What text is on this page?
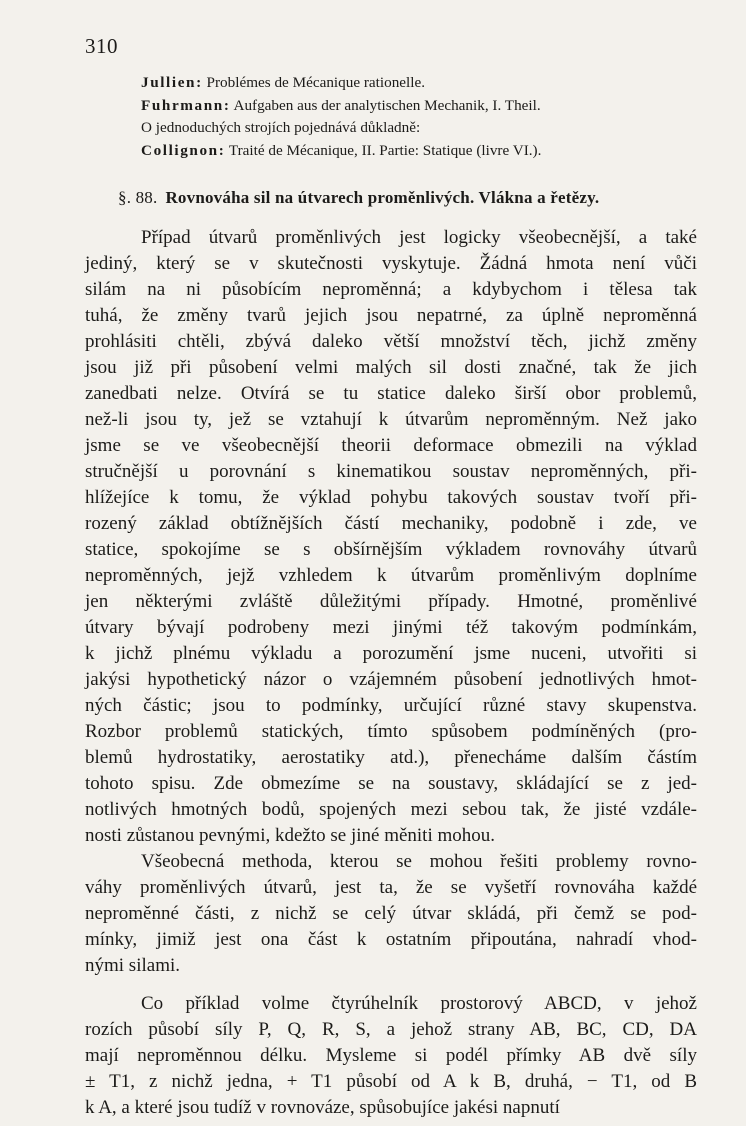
310
Jullien: Problémes de Mécanique rationelle.
Fuhrmann: Aufgaben aus der analytischen Mechanik, I. Theil.
O jednoduchých strojích pojednává důkladně:
Collignon: Traité de Mécanique, II. Partie: Statique (livre VI.).
§. 88. Rovnováha sil na útvarech proměnlivých. Vlákna a řetězy.
Případ útvarů proměnlivých jest logicky všeobecnější, a také
jediný, který se v skutečnosti vyskytuje. Žádná hmota není vůči
silám na ni působícím neproměnná; a kdybychom i tělesa tak
tuhá, že změny tvarů jejich jsou nepatrné, za úplně neproměnná
prohlásiti chtěli, zbývá daleko větší množství těch, jichž změny
jsou již při působení velmi malých sil dosti značné, tak že jich
zanedbati nelze. Otvírá se tu statice daleko širší obor problemů,
než-li jsou ty, jež se vztahují k útvarům neproměnným. Než jako
jsme se ve všeobecnější theorii deformace obmezili na výklad
stručnější u porovnání s kinematikou soustav neproměnných, při-
hlížejíce k tomu, že výklad pohybu takových soustav tvoří při-
rozený základ obtížnějších částí mechaniky, podobně i zde, ve
statice, spokojíme se s obšírnějším výkladem rovnováhy útvarů
neproměnných, jejž vzhledem k útvarům proměnlivým doplníme
jen některými zvláště důležitými případy. Hmotné, proměnlivé
útvary bývají podrobeny mezi jinými též takovým podmínkám,
k jichž plnému výkladu a porozumění jsme nuceni, utvořiti si
jakýsi hypothetický názor o vzájemném působení jednotlivých hmot-
ných částic; jsou to podmínky, určující různé stavy skupenstva.
Rozbor problemů statických, tímto spůsobem podmíněných (pro-
blemů hydrostatiky, aerostatiky atd.), přenecháme dalším částím
tohoto spisu. Zde obmezíme se na soustavy, skládající se z jed-
notlivých hmotných bodů, spojených mezi sebou tak, že jisté vzdále-
nosti zůstanou pevnými, kdežto se jiné měniti mohou.
Všeobecná methoda, kterou se mohou řešiti problemy rovno-
váhy proměnlivých útvarů, jest ta, že se vyšetří rovnováha každé
neproměnné části, z nichž se celý útvar skládá, při čemž se pod-
mínky, jimiž jest ona část k ostatním připoutána, nahradí vhod-
nými silami.
Co příklad volme čtyrúhelník prostorový ABCD, v jehož
rozích působí síly P, Q, R, S, a jehož strany AB, BC, CD, DA
mají neproměnnou délku. Mysleme si podél přímky AB dvě síly
± T1, z nichž jedna, + T1 působí od A k B, druhá, − T1, od B
k A, a které jsou tudíž v rovnováze, spůsobujíce jakési napnutí
